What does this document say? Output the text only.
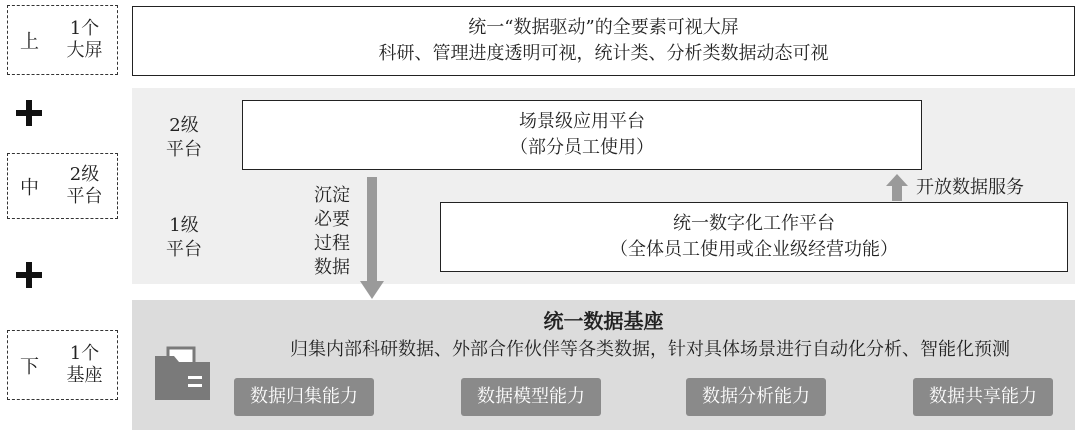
上
1个
大屏
中
2级
平台
下
1个
基座
统一“数据驱动”的全要素可视大屏
科研、管理进度透明可视，统计类、分析类数据动态可视
2级
平台
场景级应用平台
（部分员工使用）
1级
平台
沉淀
必要
过程
数据
开放数据服务
统一数字化工作平台
（全体员工使用或企业级经营功能）
统一数据基座
归集内部科研数据、外部合作伙伴等各类数据，针对具体场景进行自动化分析、智能化预测
数据归集能力	数据模型能力	数据分析能力	数据共享能力
